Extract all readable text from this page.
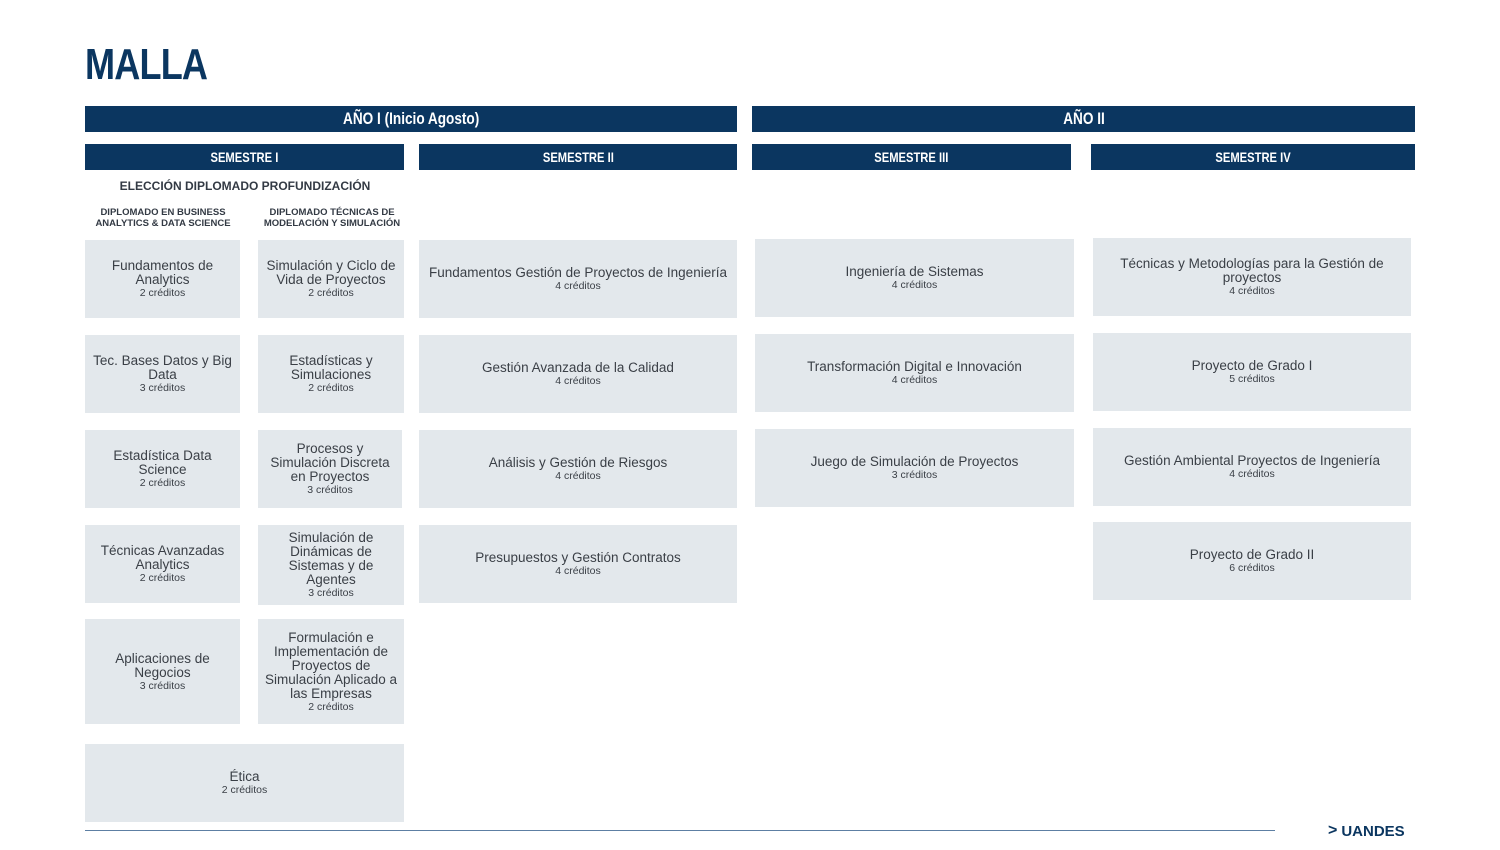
MALLA
AÑO I (Inicio Agosto)	AÑO II
SEMESTRE I	SEMESTRE II	SEMESTRE III	SEMESTRE IV
ELECCIÓN DIPLOMADO PROFUNDIZACIÓN
DIPLOMADO EN BUSINESS ANALYTICS & DATA SCIENCE
DIPLOMADO TÉCNICAS DE MODELACIÓN Y SIMULACIÓN
Fundamentos de Analytics
2 créditos
Tec. Bases Datos y Big Data
3 créditos
Estadística Data Science
2 créditos
Técnicas Avanzadas Analytics
2 créditos
Aplicaciones de Negocios
3 créditos
Simulación y Ciclo de Vida de Proyectos
2 créditos
Estadísticas y Simulaciones
2 créditos
Procesos y Simulación Discreta en Proyectos
3 créditos
Simulación de Dinámicas de Sistemas y de Agentes
3 créditos
Formulación e Implementación de Proyectos de Simulación Aplicado a las Empresas
2 créditos
Ética
2 créditos
Fundamentos Gestión de Proyectos de Ingeniería
4 créditos
Gestión Avanzada de la Calidad
4 créditos
Análisis y Gestión de Riesgos
4 créditos
Presupuestos y Gestión Contratos
4 créditos
Ingeniería de Sistemas
4 créditos
Transformación Digital e Innovación
4 créditos
Juego de Simulación de Proyectos
3 créditos
Técnicas y Metodologías para la Gestión de proyectos
4 créditos
Proyecto de Grado I
5 créditos
Gestión Ambiental Proyectos de Ingeniería
4 créditos
Proyecto de Grado II
6 créditos
> UANDES
